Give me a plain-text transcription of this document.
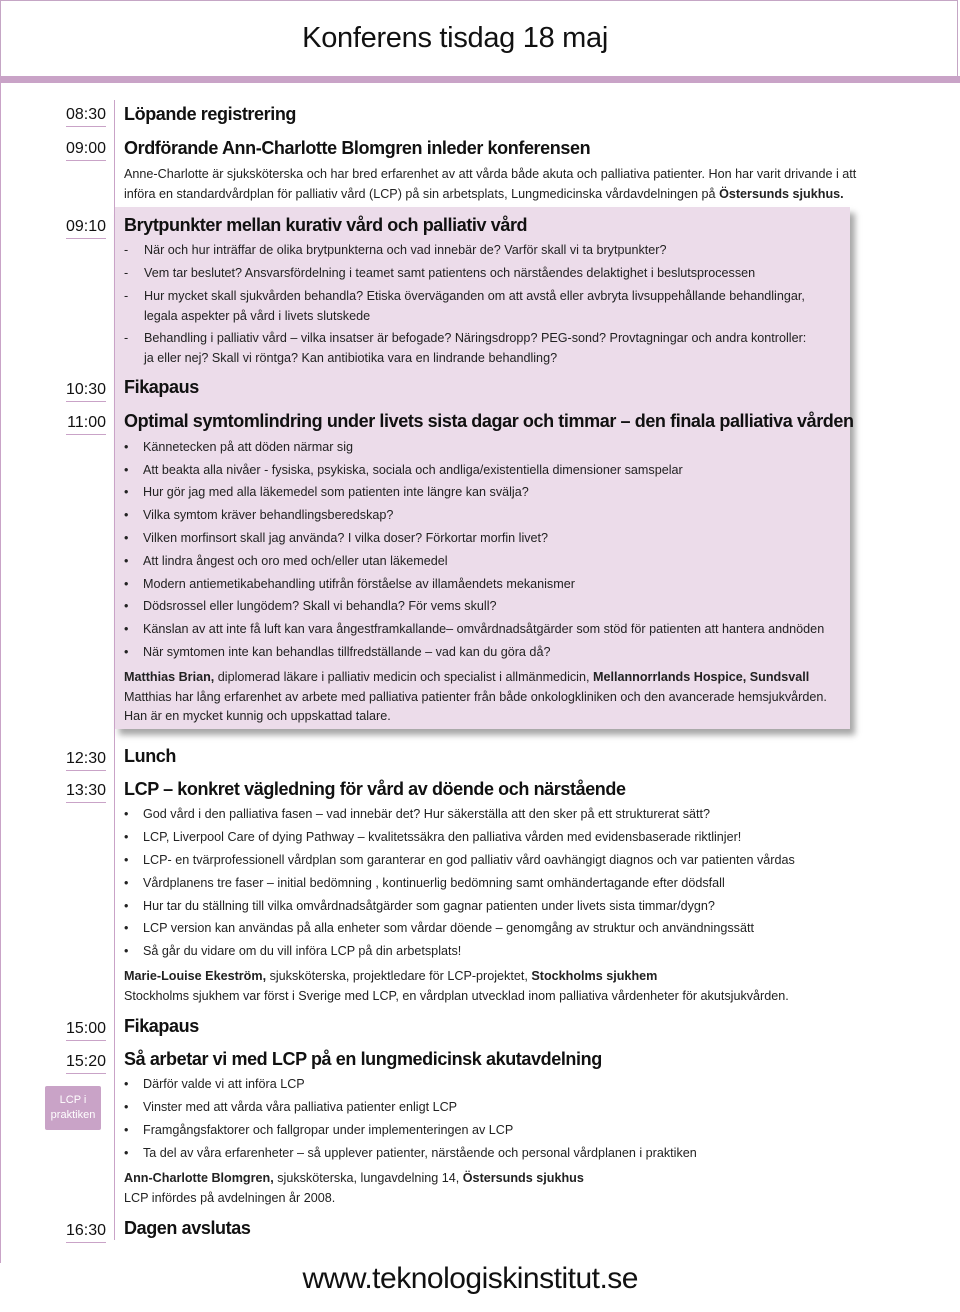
Konferens tisdag 18 maj
08:30 Löpande registrering
09:00 Ordförande Ann-Charlotte Blomgren inleder konferensen
Anne-Charlotte är sjuksköterska och har bred erfarenhet av att vårda både akuta och palliativa patienter. Hon har varit drivande i att
införa en standardvårdplan för palliativ vård (LCP) på sin arbetsplats, Lungmedicinska vårdavdelningen på Östersunds sjukhus.
09:10 Brytpunkter mellan kurativ vård och palliativ vård
- När och hur inträffar de olika brytpunkterna och vad innebär de? Varför skall vi ta brytpunkter?
- Vem tar beslutet? Ansvarsfördelning i teamet samt patientens och närståendes delaktighet i beslutsprocessen
- Hur mycket skall sjukvården behandla? Etiska överväganden om att avstå eller avbryta livsuppehållande behandlingar,
legala aspekter på vård i livets slutskede
- Behandling i palliativ vård – vilka insatser är befogade? Näringsdropp? PEG-sond? Provtagningar och andra kontroller:
ja eller nej? Skall vi röntga? Kan antibiotika vara en lindrande behandling?
10:30 Fikapaus
11:00 Optimal symtomlindring under livets sista dagar och timmar – den finala palliativa vården
• Kännetecken på att döden närmar sig
• Att beakta alla nivåer - fysiska, psykiska, sociala och andliga/existentiella dimensioner samspelar
• Hur gör jag med alla läkemedel som patienten inte längre kan svälja?
• Vilka symtom kräver behandlingsberedskap?
• Vilken morfinsort skall jag använda? I vilka doser? Förkortar morfin livet?
• Att lindra ångest och oro med och/eller utan läkemedel
• Modern antiemetikabehandling utifrån förståelse av illamåendets mekanismer
• Dödsrossel eller lungödem? Skall vi behandla? För vems skull?
• Känslan av att inte få luft kan vara ångestframkallande– omvårdnadsåtgärder som stöd för patienten att hantera andnöden
• När symtomen inte kan behandlas tillfredställande – vad kan du göra då?
Matthias Brian, diplomerad läkare i palliativ medicin och specialist i allmänmedicin, Mellannorrlands Hospice, Sundsvall
Matthias har lång erfarenhet av arbete med palliativa patienter från både onkologkliniken och den avancerade hemsjukvården.
Han är en mycket kunnig och uppskattad talare.
12:30 Lunch
13:30 LCP – konkret vägledning för vård av döende och närstående
• God vård i den palliativa fasen – vad innebär det? Hur säkerställa att den sker på ett strukturerat sätt?
• LCP, Liverpool Care of dying Pathway – kvalitetssäkra den palliativa vården med evidensbaserade riktlinjer!
• LCP- en tvärprofessionell vårdplan som garanterar en god palliativ vård oavhängigt diagnos och var patienten vårdas
• Vårdplanens tre faser – initial bedömning , kontinuerlig bedömning samt omhändertagande efter dödsfall
• Hur tar du ställning till vilka omvårdnadsåtgärder som gagnar patienten under livets sista timmar/dygn?
• LCP version kan användas på alla enheter som vårdar döende – genomgång av struktur och användningssätt
• Så går du vidare om du vill införa LCP på din arbetsplats!
Marie-Louise Ekeström, sjuksköterska, projektledare för LCP-projektet, Stockholms sjukhem
Stockholms sjukhem var först i Sverige med LCP, en vårdplan utvecklad inom palliativa vårdenheter för akutsjukvården.
15:00 Fikapaus
15:20 Så arbetar vi med LCP på en lungmedicinsk akutavdelning
LCP i
praktiken
• Därför valde vi att införa LCP
• Vinster med att vårda våra palliativa patienter enligt LCP
• Framgångsfaktorer och fallgropar under implementeringen av LCP
• Ta del av våra erfarenheter – så upplever patienter, närstående och personal vårdplanen i praktiken
Ann-Charlotte Blomgren, sjuksköterska, lungavdelning 14, Östersunds sjukhus
LCP infördes på avdelningen år 2008.
16:30 Dagen avslutas
www.teknologiskinstitut.se
